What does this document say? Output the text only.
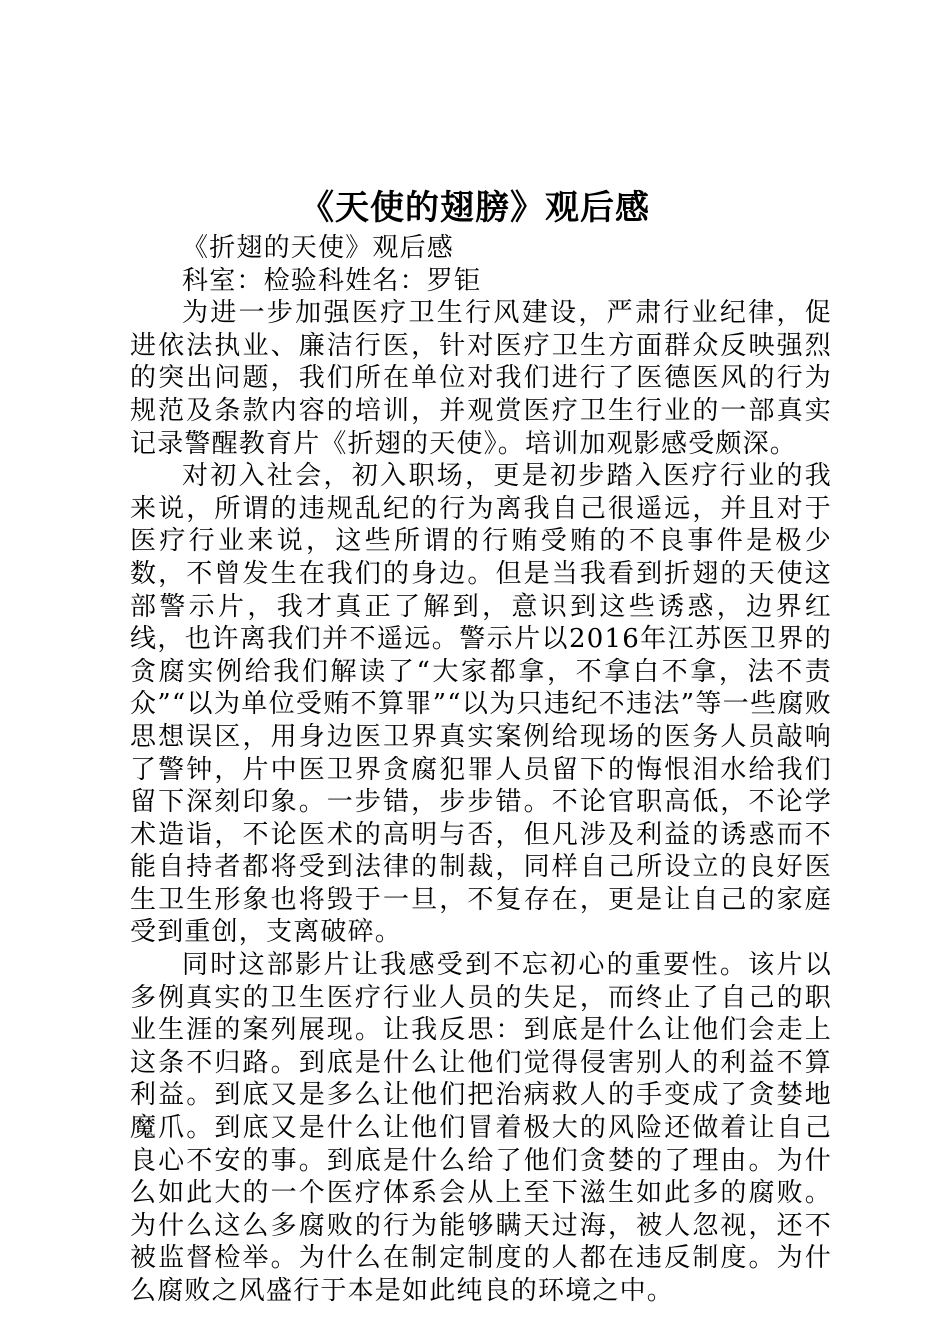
《天使的翅膀》观后感

《折翅的天使》观后感

科室：检验科姓名：罗钜

为进一步加强医疗卫生行风建设，严肃行业纪律，促进依法执业、廉洁行医，针对医疗卫生方面群众反映强烈的突出问题，我们所在单位对我们进行了医德医风的行为规范及条款内容的培训，并观赏医疗卫生行业的一部真实记录警醒教育片《折翅的天使》。培训加观影感受颇深。

对初入社会，初入职场，更是初步踏入医疗行业的我来说，所谓的违规乱纪的行为离我自己很遥远，并且对于医疗行业来说，这些所谓的行贿受贿的不良事件是极少数，不曾发生在我们的身边。但是当我看到折翅的天使这部警示片，我才真正了解到，意识到这些诱惑，边界红线，也许离我们并不遥远。警示片以2016年江苏医卫界的贪腐实例给我们解读了“大家都拿，不拿白不拿，法不责众”“以为单位受贿不算罪”“以为只违纪不违法”等一些腐败思想误区，用身边医卫界真实案例给现场的医务人员敲响了警钟，片中医卫界贪腐犯罪人员留下的悔恨泪水给我们留下深刻印象。一步错，步步错。不论官职高低，不论学术造诣，不论医术的高明与否，但凡涉及利益的诱惑而不能自持者都将受到法律的制裁，同样自己所设立的良好医生卫生形象也将毁于一旦，不复存在，更是让自己的家庭受到重创，支离破碎。

同时这部影片让我感受到不忘初心的重要性。该片以多例真实的卫生医疗行业人员的失足，而终止了自己的职业生涯的案列展现。让我反思：到底是什么让他们会走上这条不归路。到底是什么让他们觉得侵害别人的利益不算利益。到底又是多么让他们把治病救人的手变成了贪婪地魔爪。到底又是什么让他们冒着极大的风险还做着让自己良心不安的事。到底是什么给了他们贪婪的了理由。为什么如此大的一个医疗体系会从上至下滋生如此多的腐败。为什么这么多腐败的行为能够瞒天过海，被人忽视，还不被监督检举。为什么在制定制度的人都在违反制度。为什么腐败之风盛行于本是如此纯良的环境之中。
